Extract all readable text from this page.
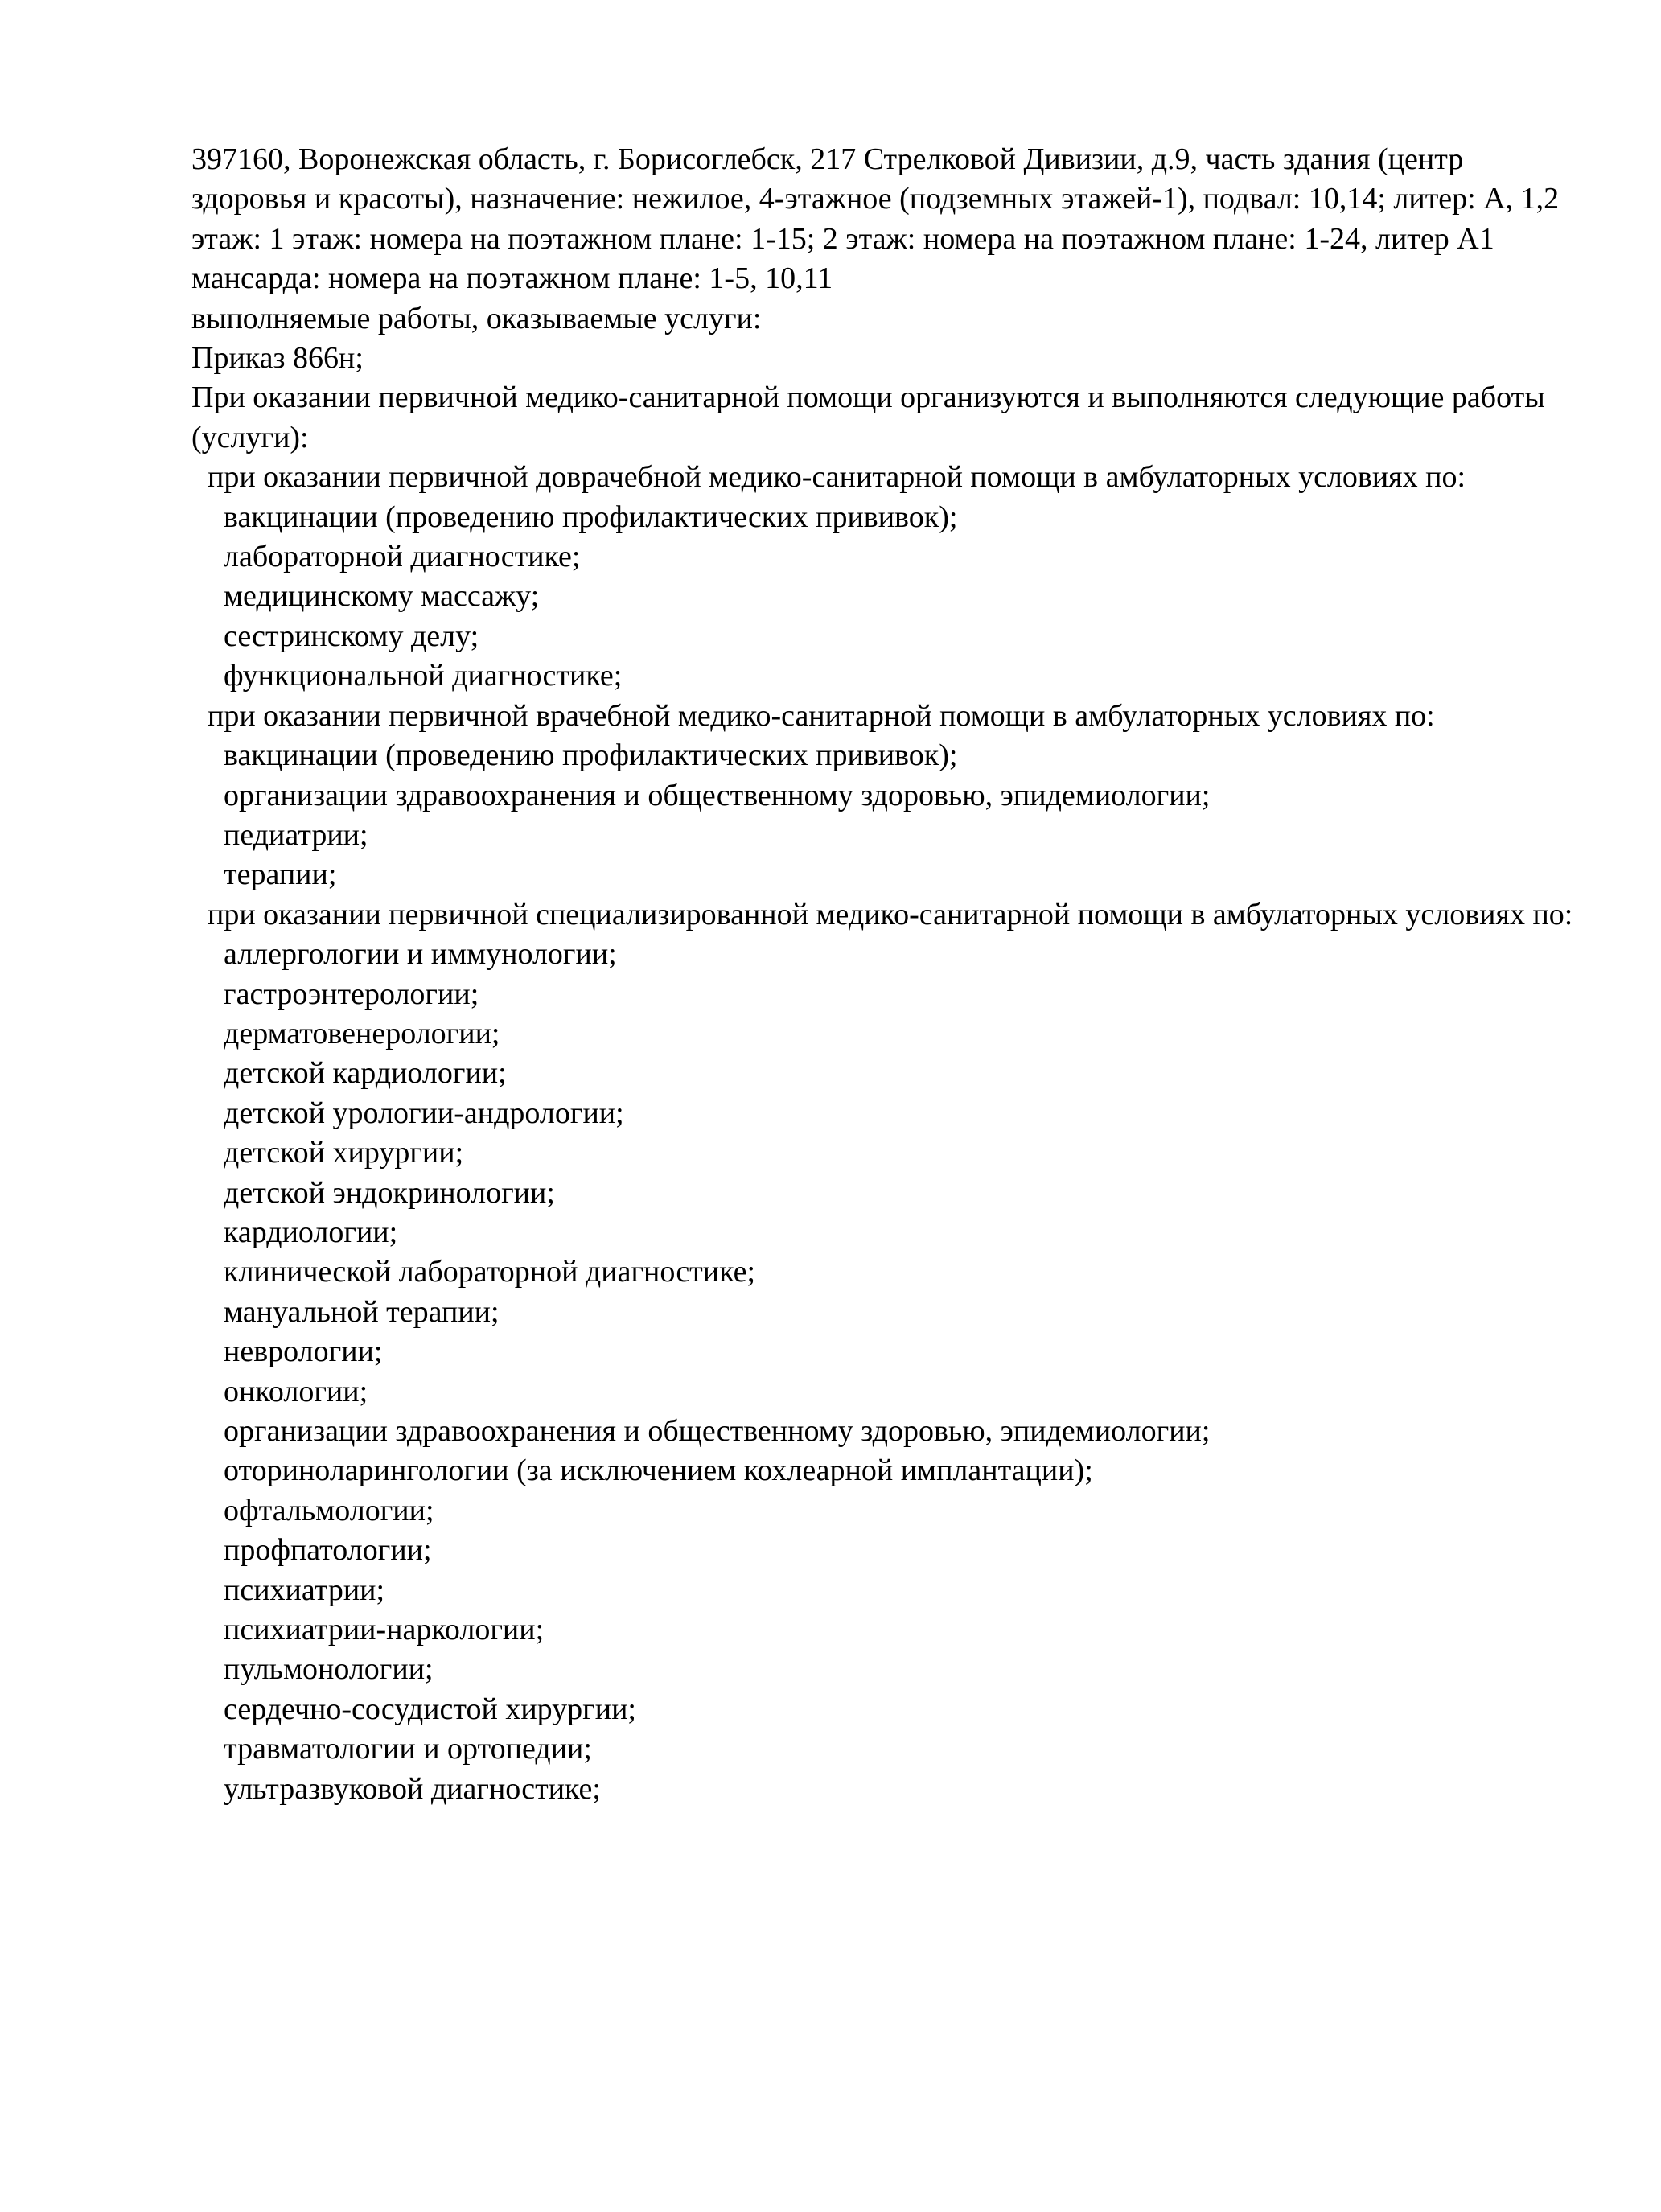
397160, Воронежская область, г. Борисоглебск, 217 Стрелковой Дивизии, д.9, часть здания (центр здоровья и красоты), назначение: нежилое, 4-этажное (подземных этажей-1), подвал: 10,14; литер: А, 1,2 этаж: 1 этаж: номера на поэтажном плане: 1-15; 2 этаж: номера на поэтажном плане: 1-24, литер А1 мансарда: номера на поэтажном плане: 1-5, 10,11
выполняемые работы, оказываемые услуги:
Приказ 866н;
При оказании первичной медико-санитарной помощи организуются и выполняются следующие работы (услуги):
при оказании первичной доврачебной медико-санитарной помощи в амбулаторных условиях по:
вакцинации (проведению профилактических прививок);
лабораторной диагностике;
медицинскому массажу;
сестринскому делу;
функциональной диагностике;
при оказании первичной врачебной медико-санитарной помощи в амбулаторных условиях по:
вакцинации (проведению профилактических прививок);
организации здравоохранения и общественному здоровью, эпидемиологии;
педиатрии;
терапии;
при оказании первичной специализированной медико-санитарной помощи в амбулаторных условиях по:
аллергологии и иммунологии;
гастроэнтерологии;
дерматовенерологии;
детской кардиологии;
детской урологии-андрологии;
детской хирургии;
детской эндокринологии;
кардиологии;
клинической лабораторной диагностике;
мануальной терапии;
неврологии;
онкологии;
организации здравоохранения и общественному здоровью, эпидемиологии;
оториноларингологии (за исключением кохлеарной имплантации);
офтальмологии;
профпатологии;
психиатрии;
психиатрии-наркологии;
пульмонологии;
сердечно-сосудистой хирургии;
травматологии и ортопедии;
ультразвуковой диагностике;
